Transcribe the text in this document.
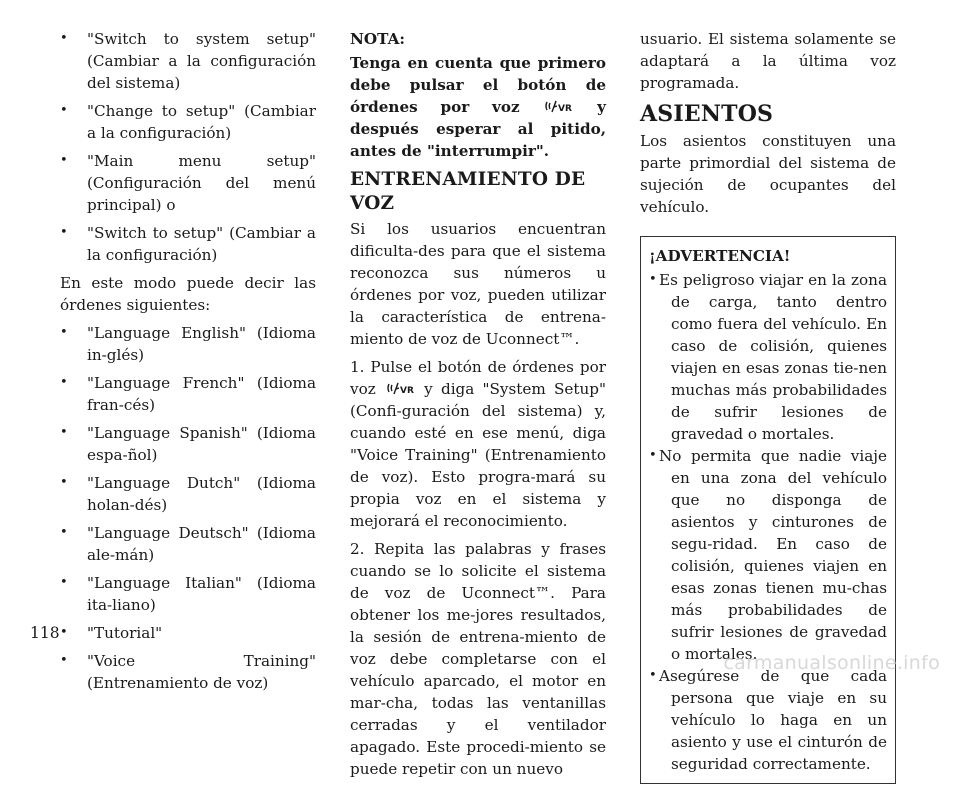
• "Switch to system setup" (Cambiar a la configuración del sistema)
• "Change to setup" (Cambiar a la configuración)
• "Main menu setup" (Configuración del menú principal) o
• "Switch to setup" (Cambiar a la configuración)

En este modo puede decir las órdenes siguientes:

• "Language English" (Idioma in-glés)
• "Language French" (Idioma fran-cés)
• "Language Spanish" (Idioma espa-ñol)
• "Language Dutch" (Idioma holan-dés)
• "Language Deutsch" (Idioma ale-mán)
• "Language Italian" (Idioma ita-liano)
• "Tutorial"
• "Voice Training" (Entrenamiento de voz)

NOTA:

Tenga en cuenta que primero debe pulsar el botón de órdenes por voz	VR y después esperar al pitido, antes de "interrumpir".

ENTRENAMIENTO DE VOZ

Si los usuarios encuentran dificulta-des para que el sistema reconozca sus números u órdenes por voz, pueden utilizar la característica de entrena-miento de voz de Uconnect™.

1. Pulse el botón de órdenes por voz	VR y diga "System Setup" (Confi-guración del sistema) y, cuando esté en ese menú, diga "Voice Training" (Entrenamiento de voz). Esto progra-mará su propia voz en el sistema y mejorará el reconocimiento.

2. Repita las palabras y frases cuando se lo solicite el sistema de voz de Uconnect™. Para obtener los me-jores resultados, la sesión de entrena-miento de voz debe completarse con el vehículo aparcado, el motor en mar-cha, todas las ventanillas cerradas y el ventilador apagado. Este procedi-miento se puede repetir con un nuevo

usuario. El sistema solamente se adaptará a la última voz programada.

ASIENTOS

Los asientos constituyen una parte primordial del sistema de sujeción de ocupantes del vehículo.

¡ADVERTENCIA!

• Es peligroso viajar en la zona de carga, tanto dentro como fuera del vehículo. En caso de colisión, quienes viajen en esas zonas tie-nen muchas más probabilidades de sufrir lesiones de gravedad o mortales.
• No permita que nadie viaje en una zona del vehículo que no disponga de asientos y cinturones de segu-ridad. En caso de colisión, quienes viajen en esas zonas tienen mu-chas más probabilidades de sufrir lesiones de gravedad o mortales.
• Asegúrese de que cada persona que viaje en su vehículo lo haga en un asiento y use el cinturón de seguridad correctamente.
118
carmanualsonline.info
